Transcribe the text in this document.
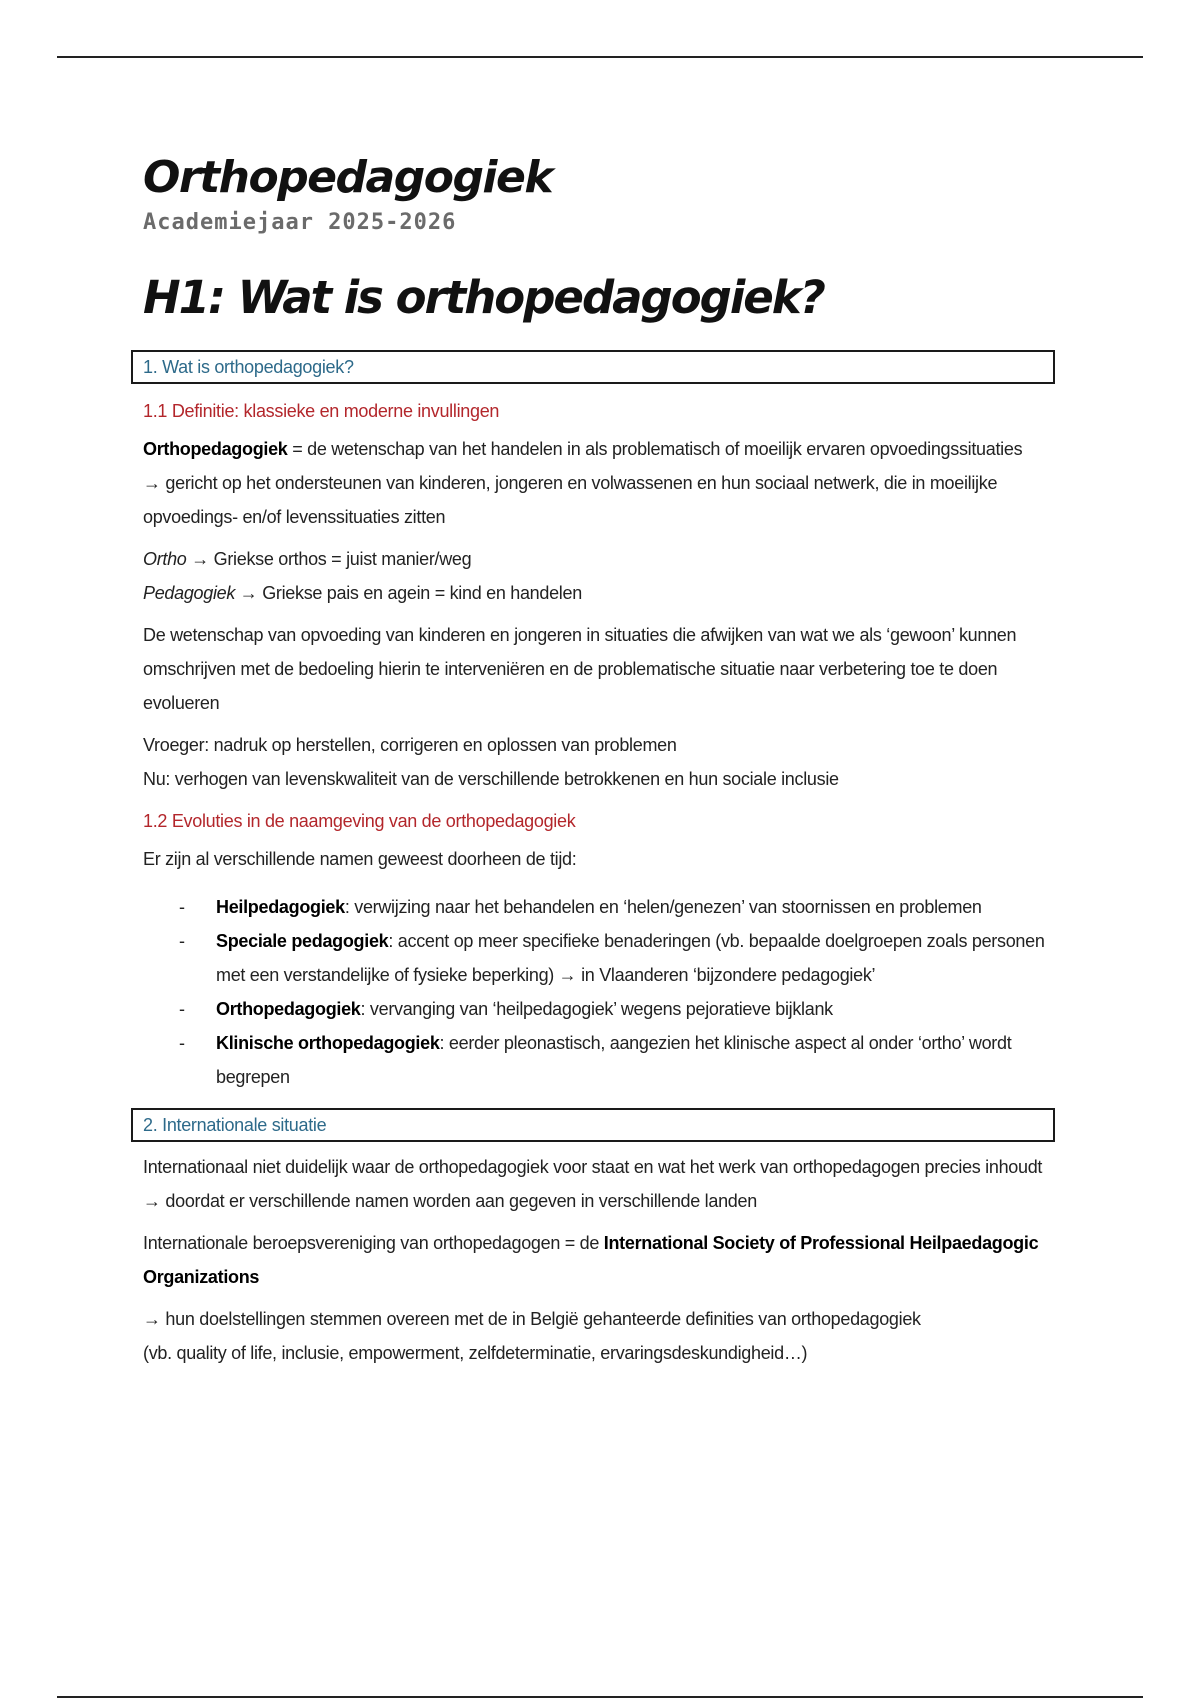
Orthopedagogiek
Academiejaar 2025-2026
H1: Wat is orthopedagogiek?
1. Wat is orthopedagogiek?
1.1 Definitie: klassieke en moderne invullingen

Orthopedagogiek = de wetenschap van het handelen in als problematisch of moeilijk ervaren opvoedingssituaties

→ gericht op het ondersteunen van kinderen, jongeren en volwassenen en hun sociaal netwerk, die in moeilijke opvoedings- en/of levenssituaties zitten

Ortho → Griekse orthos = juist manier/weg

Pedagogiek → Griekse pais en agein = kind en handelen

De wetenschap van opvoeding van kinderen en jongeren in situaties die afwijken van wat we als ‘gewoon’ kunnen omschrijven met de bedoeling hierin te interveniëren en de problematische situatie naar verbetering toe te doen evolueren

Vroeger: nadruk op herstellen, corrigeren en oplossen van problemen

Nu: verhogen van levenskwaliteit van de verschillende betrokkenen en hun sociale inclusie

1.2 Evoluties in de naamgeving van de orthopedagogiek

Er zijn al verschillende namen geweest doorheen de tijd:

- Heilpedagogiek: verwijzing naar het behandelen en ‘helen/genezen’ van stoornissen en problemen
- Speciale pedagogiek: accent op meer specifieke benaderingen (vb. bepaalde doelgroepen zoals personen met een verstandelijke of fysieke beperking) → in Vlaanderen ‘bijzondere pedagogiek’
- Orthopedagogiek: vervanging van ‘heilpedagogiek’ wegens pejoratieve bijklank
- Klinische orthopedagogiek: eerder pleonastisch, aangezien het klinische aspect al onder ‘ortho’ wordt begrepen
2. Internationale situatie

Internationaal niet duidelijk waar de orthopedagogiek voor staat en wat het werk van orthopedagogen precies inhoudt → doordat er verschillende namen worden aan gegeven in verschillende landen

Internationale beroepsvereniging van orthopedagogen = de International Society of Professional Heilpaedagogic Organizations

→ hun doelstellingen stemmen overeen met de in België gehanteerde definities van orthopedagogiek

(vb. quality of life, inclusie, empowerment, zelfdeterminatie, ervaringsdeskundigheid…)
